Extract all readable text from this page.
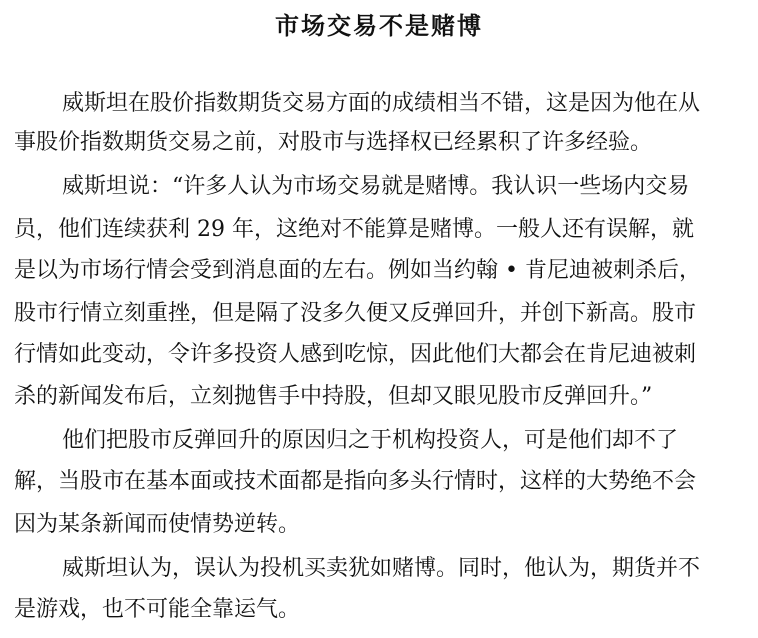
市场交易不是赌博

威斯坦在股价指数期货交易方面的成绩相当不错，这是因为他在从

事股价指数期货交易之前，对股市与选择权已经累积了许多经验。

威斯坦说：“许多人认为市场交易就是赌博。我认识一些场内交易

员，他们连续获利 29 年，这绝对不能算是赌博。一般人还有误解，就

是以为市场行情会受到消息面的左右。例如当约翰 • 肯尼迪被刺杀后，

股市行情立刻重挫，但是隔了没多久便又反弹回升，并创下新高。股市

行情如此变动，令许多投资人感到吃惊，因此他们大都会在肯尼迪被刺

杀的新闻发布后，立刻抛售手中持股，但却又眼见股市反弹回升。”

他们把股市反弹回升的原因归之于机构投资人，可是他们却不了

解，当股市在基本面或技术面都是指向多头行情时，这样的大势绝不会

因为某条新闻而使情势逆转。

威斯坦认为，误认为投机买卖犹如赌博。同时，他认为，期货并不

是游戏，也不可能全靠运气。
